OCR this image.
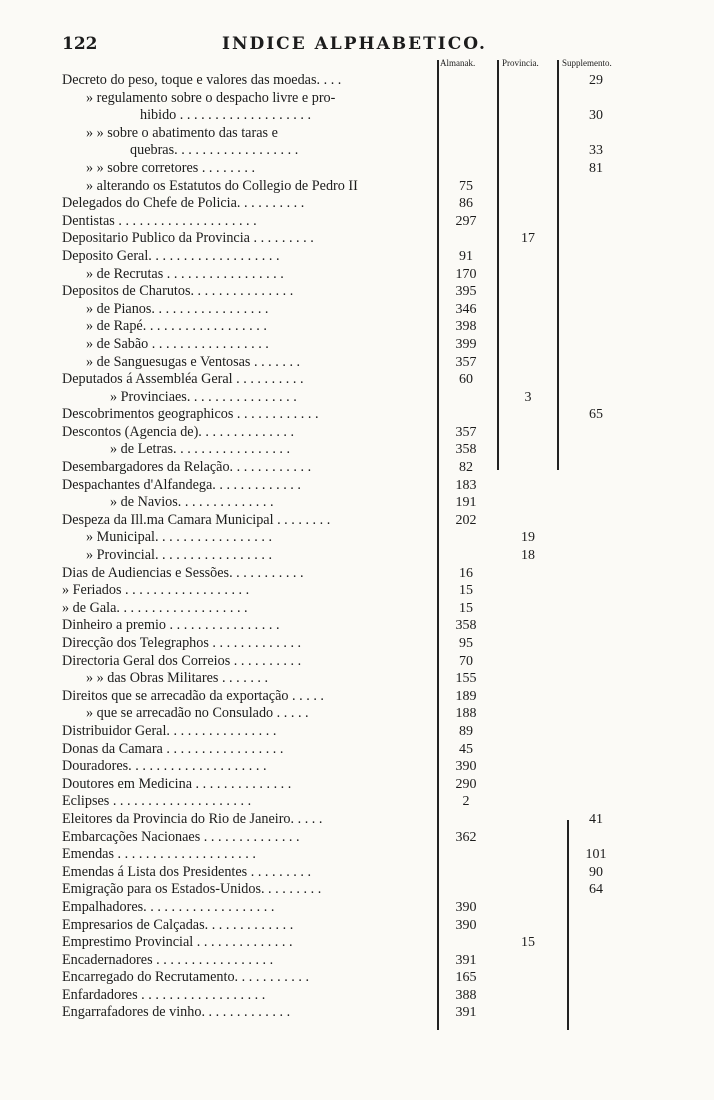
122	INDICE ALPHABETICO.
Almanak.	Provincia.	Supplemento.
Decreto do peso, toque e valores das moedas. . . .	29
» regulamento sobre o despacho livre e pro-
hibido . . . . . . . . . . . . . . . . . . .	30
» » sobre o abatimento das taras e
quebras. . . . . . . . . . . . . . . . . .	33
» » sobre corretores . . . . . . . .	81
» alterando os Estatutos do Collegio de Pedro II	75
Delegados do Chefe de Policia. . . . . . . . . .	86
Dentistas . . . . . . . . . . . . . . . . . . . .	297
Depositario Publico da Provincia . . . . . . . . .	17
Deposito Geral. . . . . . . . . . . . . . . . . . .	91
» de Recrutas . . . . . . . . . . . . . . . . .	170
Depositos de Charutos. . . . . . . . . . . . . . .	395
» de Pianos. . . . . . . . . . . . . . . . .	346
» de Rapé. . . . . . . . . . . . . . . . . .	398
» de Sabão . . . . . . . . . . . . . . . . .	399
» de Sanguesugas e Ventosas . . . . . . .	357
Deputados á Assembléa Geral . . . . . . . . . .	60
» Provinciaes. . . . . . . . . . . . . . . .	3
Descobrimentos geographicos . . . . . . . . . . . .	65
Descontos (Agencia de). . . . . . . . . . . . . .	357
» de Letras. . . . . . . . . . . . . . . . .	358
Desembargadores da Relação. . . . . . . . . . . .	82
Despachantes d'Alfandega. . . . . . . . . . . . .	183
» de Navios. . . . . . . . . . . . . .	191
Despeza da Ill.ma Camara Municipal . . . . . . . .	202
» Municipal. . . . . . . . . . . . . . . . .	19
» Provincial. . . . . . . . . . . . . . . . .	18
Dias de Audiencias e Sessões. . . . . . . . . . .	16
» Feriados . . . . . . . . . . . . . . . . . .	15
» de Gala. . . . . . . . . . . . . . . . . . .	15
Dinheiro a premio . . . . . . . . . . . . . . . .	358
Direcção dos Telegraphos . . . . . . . . . . . . .	95
Directoria Geral dos Correios . . . . . . . . . .	70
» » das Obras Militares . . . . . . .	155
Direitos que se arrecadão da exportação . . . . .	189
» que se arrecadão no Consulado . . . . .	188
Distribuidor Geral. . . . . . . . . . . . . . . .	89
Donas da Camara . . . . . . . . . . . . . . . . .	45
Douradores. . . . . . . . . . . . . . . . . . . .	390
Doutores em Medicina . . . . . . . . . . . . . .	290
Eclipses . . . . . . . . . . . . . . . . . . . .	2
Eleitores da Provincia do Rio de Janeiro. . . . .	41
Embarcações Nacionaes . . . . . . . . . . . . . .	362
Emendas . . . . . . . . . . . . . . . . . . . .	101
Emendas á Lista dos Presidentes . . . . . . . . .	90
Emigração para os Estados-Unidos. . . . . . . . .	64
Empalhadores. . . . . . . . . . . . . . . . . . .	390
Empresarios de Calçadas. . . . . . . . . . . . .	390
Emprestimo Provincial . . . . . . . . . . . . . .	15
Encadernadores . . . . . . . . . . . . . . . . .	391
Encarregado do Recrutamento. . . . . . . . . . .	165
Enfardadores . . . . . . . . . . . . . . . . . .	388
Engarrafadores de vinho. . . . . . . . . . . . .	391
